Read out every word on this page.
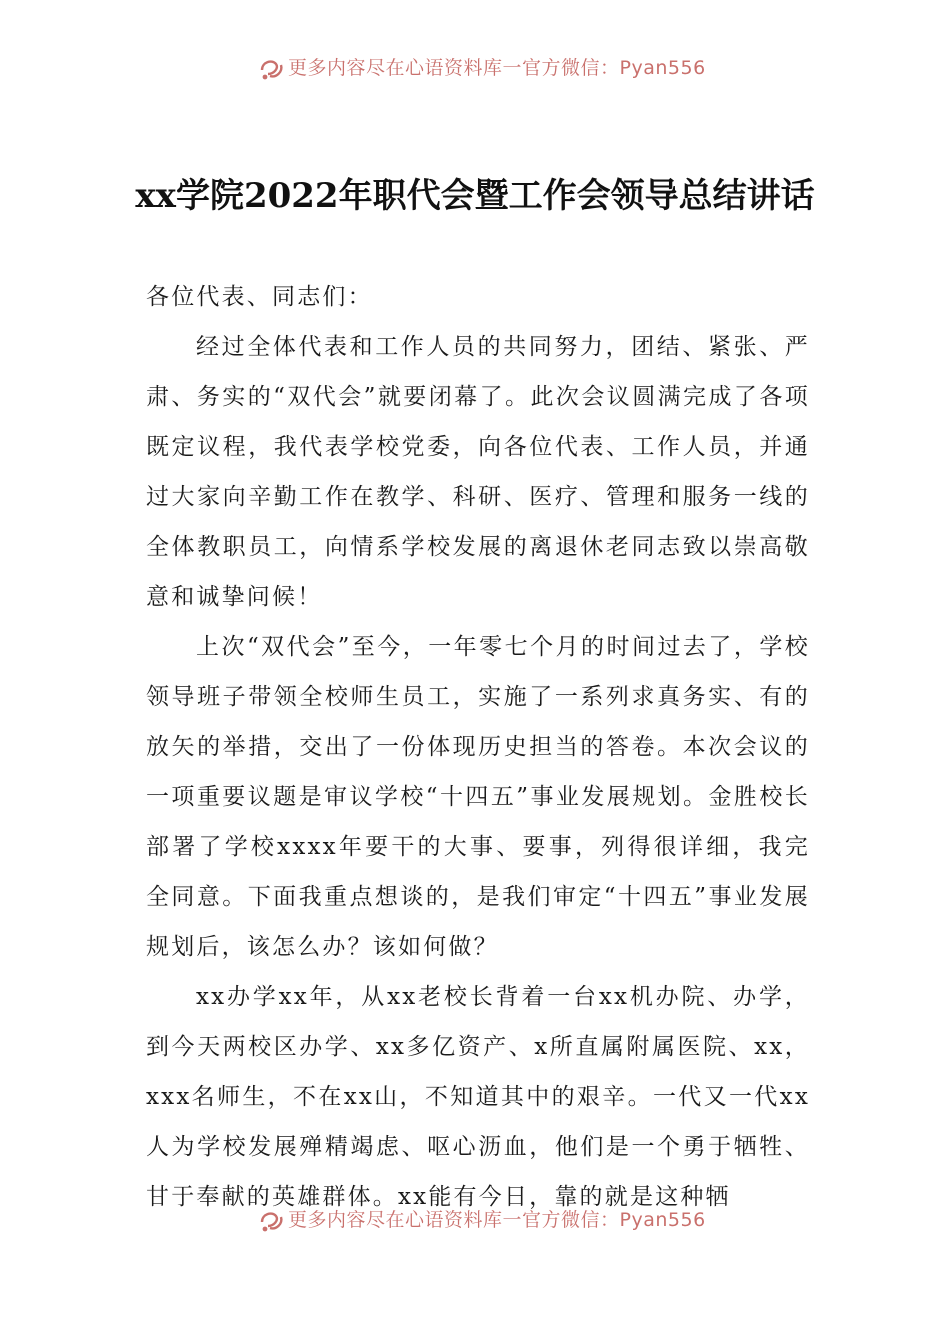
更多内容尽在心语资料库一官方微信：Pyan556
xx学院2022年职代会暨工作会领导总结讲话

各位代表、同志们：

经过全体代表和工作人员的共同努力，团结、紧张、严肃、务实的“双代会”就要闭幕了。此次会议圆满完成了各项既定议程，我代表学校党委，向各位代表、工作人员，并通过大家向辛勤工作在教学、科研、医疗、管理和服务一线的全体教职员工，向情系学校发展的离退休老同志致以崇高敬意和诚挚问候！

上次“双代会”至今，一年零七个月的时间过去了，学校领导班子带领全校师生员工，实施了一系列求真务实、有的放矢的举措，交出了一份体现历史担当的答卷。本次会议的一项重要议题是审议学校“十四五”事业发展规划。金胜校长部署了学校xxxx年要干的大事、要事，列得很详细，我完全同意。下面我重点想谈的，是我们审定“十四五”事业发展规划后，该怎么办？该如何做？

xx办学xx年，从xx老校长背着一台xx机办院、办学，到今天两校区办学、xx多亿资产、x所直属附属医院、xx，xxx名师生，不在xx山，不知道其中的艰辛。一代又一代xx人为学校发展殚精竭虑、呕心沥血，他们是一个勇于牺牲、甘于奉献的英雄群体。xx能有今日，靠的就是这种牺

更多内容尽在心语资料库一官方微信：Pyan556
